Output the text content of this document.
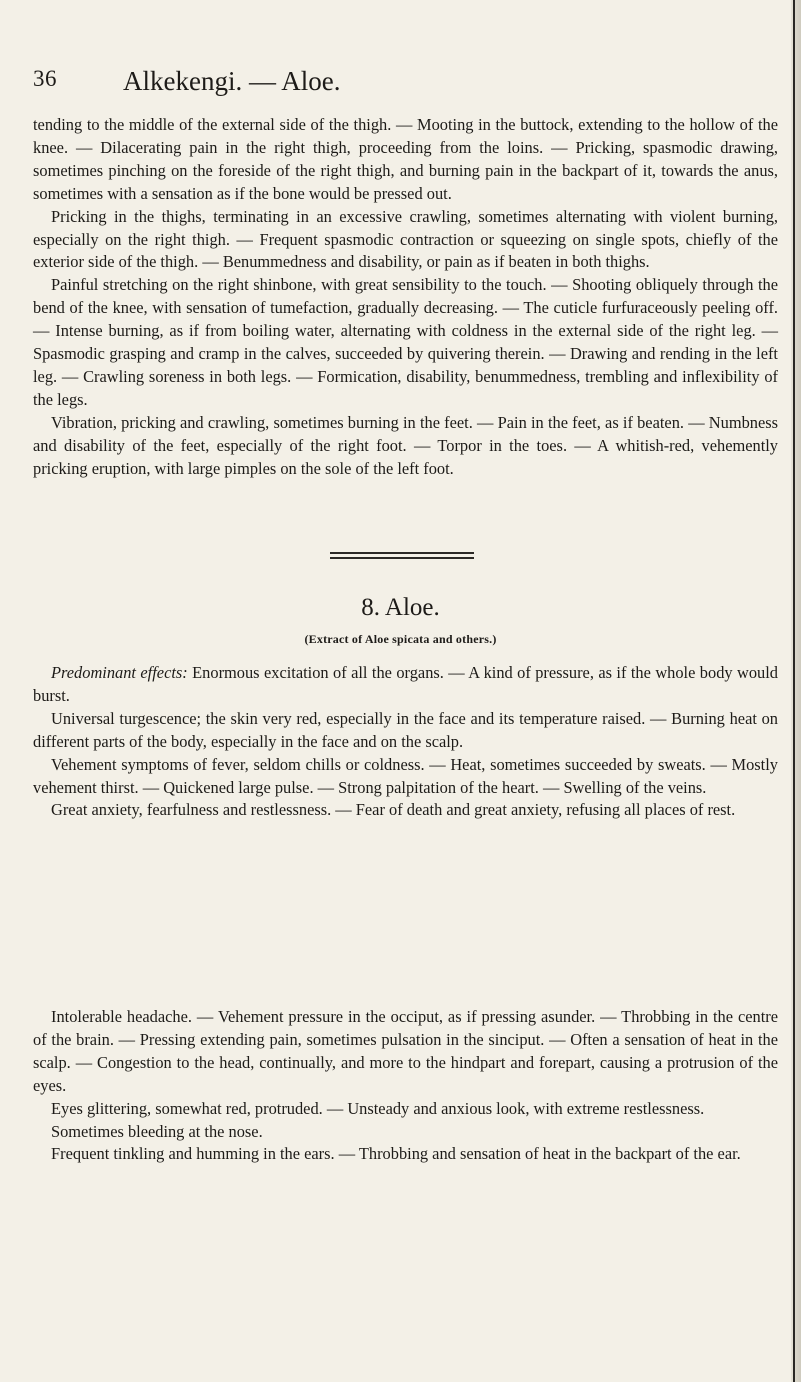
36 Alkekengi. — Aloe.

tending to the middle of the external side of the thigh. — Mooting in the buttock, extending to the hollow of the knee. — Dilacerating pain in the right thigh, proceeding from the loins. — Pricking, spasmodic drawing, sometimes pinching on the foreside of the right thigh, and burning pain in the backpart of it, towards the anus, sometimes with a sensation as if the bone would be pressed out.

Pricking in the thighs, terminating in an excessive crawling, sometimes alternating with violent burning, especially on the right thigh. — Frequent spasmodic contraction or squeezing on single spots, chiefly of the exterior side of the thigh. — Benummedness and disability, or pain as if beaten in both thighs.

Painful stretching on the right shinbone, with great sensibility to the touch. — Shooting obliquely through the bend of the knee, with sensation of tumefaction, gradually decreasing. — The cuticle furfuraceously peeling off. — Intense burning, as if from boiling water, alternating with coldness in the external side of the right leg. — Spasmodic grasping and cramp in the calves, succeeded by quivering therein. — Drawing and rending in the left leg. — Crawling soreness in both legs. — Formication, disability, benummedness, trembling and inflexibility of the legs.

Vibration, pricking and crawling, sometimes burning in the feet. — Pain in the feet, as if beaten. — Numbness and disability of the feet, especially of the right foot. — Torpor in the toes. — A whitish-red, vehemently pricking eruption, with large pimples on the sole of the left foot.

8. Aloe.
(Extract of Aloe spicata and others.)

Predominant effects: Enormous excitation of all the organs. — A kind of pressure, as if the whole body would burst.

Universal turgescence; the skin very red, especially in the face and its temperature raised. — Burning heat on different parts of the body, especially in the face and on the scalp.

Vehement symptoms of fever, seldom chills or coldness. — Heat, sometimes succeeded by sweats. — Mostly vehement thirst. — Quickened large pulse. — Strong palpitation of the heart. — Swelling of the veins.

Great anxiety, fearfulness and restlessness. — Fear of death and great anxiety, refusing all places of rest.

Intolerable headache. — Vehement pressure in the occiput, as if pressing asunder. — Throbbing in the centre of the brain. — Pressing extending pain, sometimes pulsation in the sinciput. — Often a sensation of heat in the scalp. — Congestion to the head, continually, and more to the hindpart and forepart, causing a protrusion of the eyes.

Eyes glittering, somewhat red, protruded. — Unsteady and anxious look, with extreme restlessness.

Sometimes bleeding at the nose.

Frequent tinkling and humming in the ears. — Throbbing and sensation of heat in the backpart of the ear.
